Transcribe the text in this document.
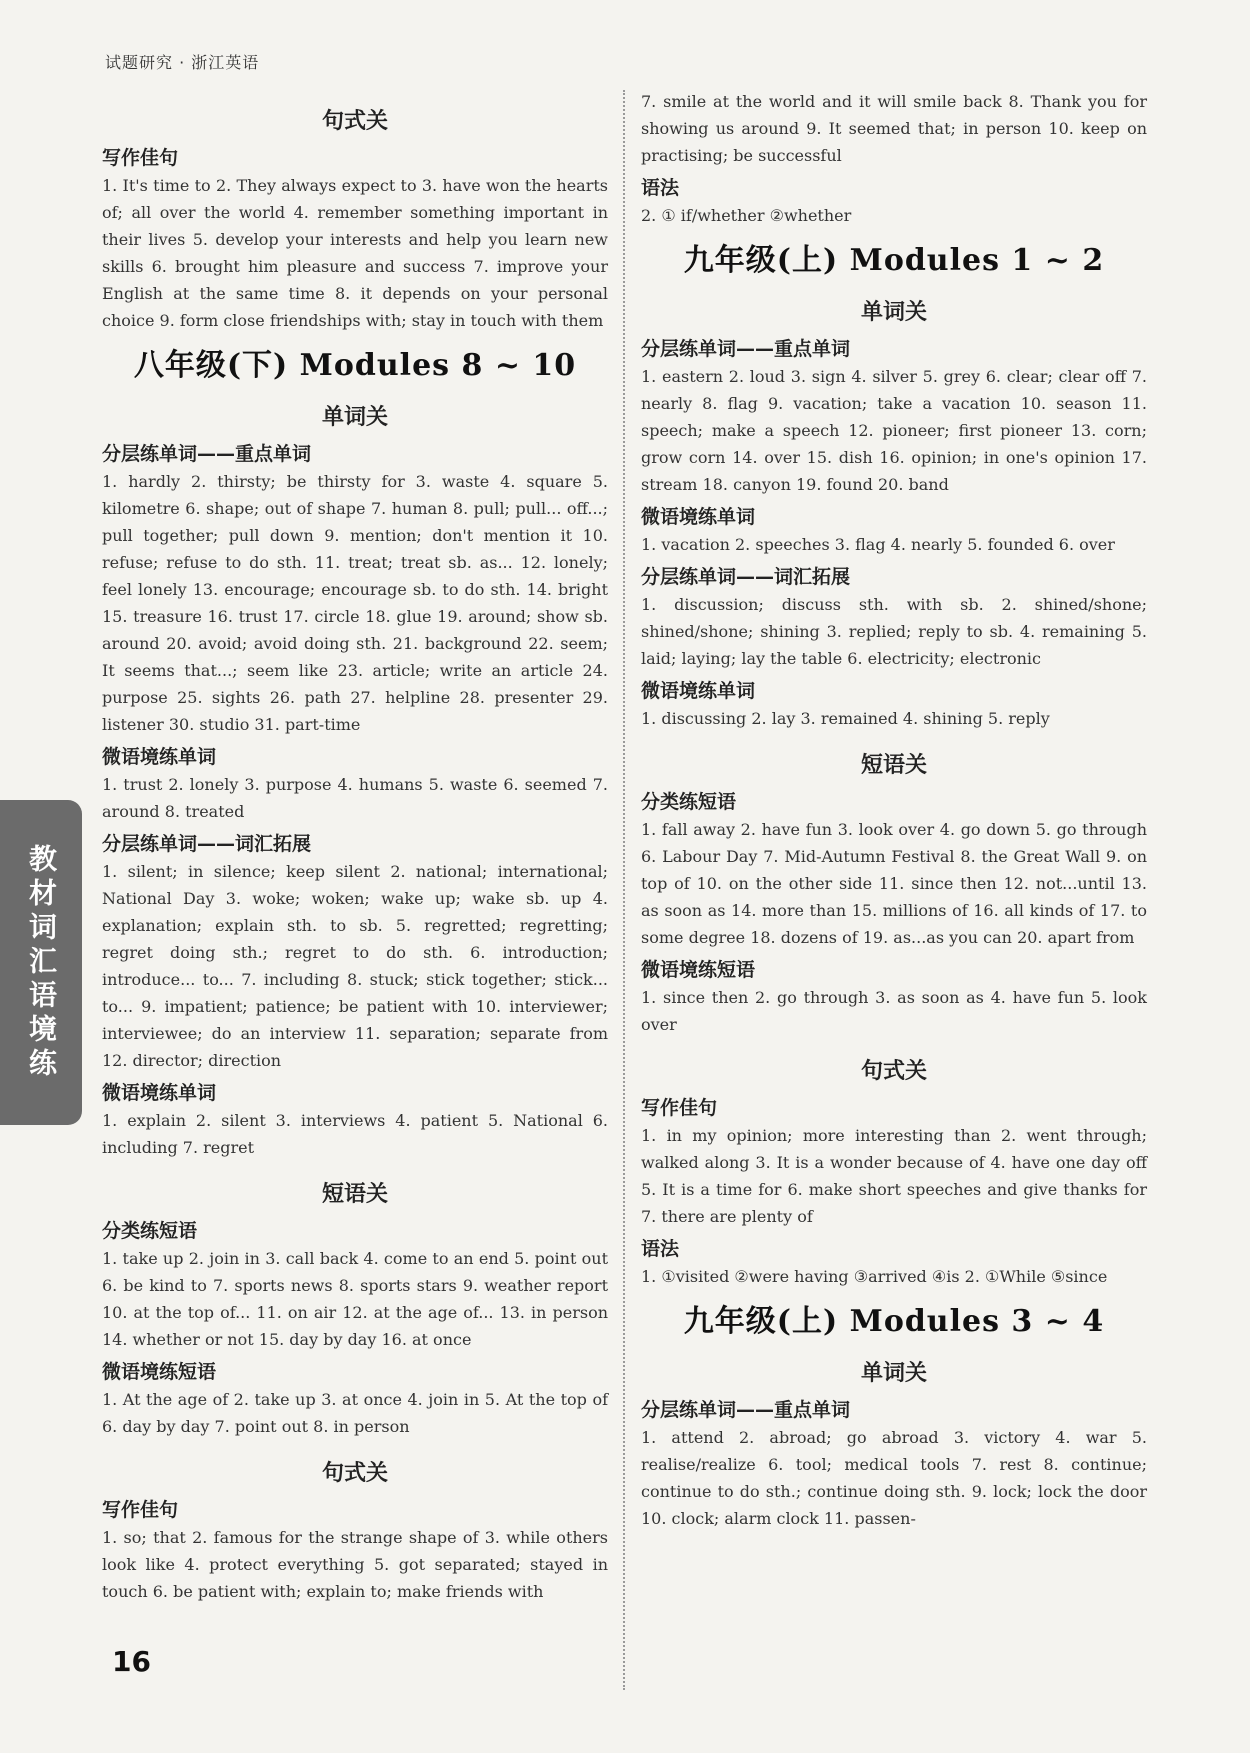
试题研究 · 浙江英语
句式关
写作佳句
1. It's time to 2. They always expect to 3. have won the hearts of; all over the world 4. remember something important in their lives 5. develop your interests and help you learn new skills 6. brought him pleasure and success 7. improve your English at the same time 8. it depends on your personal choice 9. form close friendships with; stay in touch with them
八年级(下) Modules 8 ~ 10
单词关
分层练单词——重点单词
1. hardly 2. thirsty; be thirsty for 3. waste 4. square 5. kilometre 6. shape; out of shape 7. human 8. pull; pull... off...; pull together; pull down 9. mention; don't mention it 10. refuse; refuse to do sth. 11. treat; treat sb. as... 12. lonely; feel lonely 13. encourage; encourage sb. to do sth. 14. bright 15. treasure 16. trust 17. circle 18. glue 19. around; show sb. around 20. avoid; avoid doing sth. 21. background 22. seem; It seems that...; seem like 23. article; write an article 24. purpose 25. sights 26. path 27. helpline 28. presenter 29. listener 30. studio 31. part-time
微语境练单词
1. trust 2. lonely 3. purpose 4. humans 5. waste 6. seemed 7. around 8. treated
分层练单词——词汇拓展
1. silent; in silence; keep silent 2. national; international; National Day 3. woke; woken; wake up; wake sb. up 4. explanation; explain sth. to sb. 5. regretted; regretting; regret doing sth.; regret to do sth. 6. introduction; introduce... to... 7. including 8. stuck; stick together; stick... to... 9. impatient; patience; be patient with 10. interviewer; interviewee; do an interview 11. separation; separate from 12. director; direction
微语境练单词
1. explain 2. silent 3. interviews 4. patient 5. National 6. including 7. regret
短语关
分类练短语
1. take up 2. join in 3. call back 4. come to an end 5. point out 6. be kind to 7. sports news 8. sports stars 9. weather report 10. at the top of... 11. on air 12. at the age of... 13. in person 14. whether or not 15. day by day 16. at once
微语境练短语
1. At the age of 2. take up 3. at once 4. join in 5. At the top of 6. day by day 7. point out 8. in person
句式关
写作佳句
1. so; that 2. famous for the strange shape of 3. while others look like 4. protect everything 5. got separated; stayed in touch 6. be patient with; explain to; make friends with
7. smile at the world and it will smile back 8. Thank you for showing us around 9. It seemed that; in person 10. keep on practising; be successful
语法
2. ① if/whether ②whether
九年级(上) Modules 1 ~ 2
单词关
分层练单词——重点单词
1. eastern 2. loud 3. sign 4. silver 5. grey 6. clear; clear off 7. nearly 8. flag 9. vacation; take a vacation 10. season 11. speech; make a speech 12. pioneer; first pioneer 13. corn; grow corn 14. over 15. dish 16. opinion; in one's opinion 17. stream 18. canyon 19. found 20. band
微语境练单词
1. vacation 2. speeches 3. flag 4. nearly 5. founded 6. over
分层练单词——词汇拓展
1. discussion; discuss sth. with sb. 2. shined/shone; shined/shone; shining 3. replied; reply to sb. 4. remaining 5. laid; laying; lay the table 6. electricity; electronic
微语境练单词
1. discussing 2. lay 3. remained 4. shining 5. reply
短语关
分类练短语
1. fall away 2. have fun 3. look over 4. go down 5. go through 6. Labour Day 7. Mid-Autumn Festival 8. the Great Wall 9. on top of 10. on the other side 11. since then 12. not...until 13. as soon as 14. more than 15. millions of 16. all kinds of 17. to some degree 18. dozens of 19. as...as you can 20. apart from
微语境练短语
1. since then 2. go through 3. as soon as 4. have fun 5. look over
句式关
写作佳句
1. in my opinion; more interesting than 2. went through; walked along 3. It is a wonder because of 4. have one day off 5. It is a time for 6. make short speeches and give thanks for 7. there are plenty of
语法
1. ①visited ②were having ③arrived ④is 2. ①While ⑤since
九年级(上) Modules 3 ~ 4
单词关
分层练单词——重点单词
1. attend 2. abroad; go abroad 3. victory 4. war 5. realise/realize 6. tool; medical tools 7. rest 8. continue; continue to do sth.; continue doing sth. 9. lock; lock the door 10. clock; alarm clock 11. passen-
教材词汇语境练
16
